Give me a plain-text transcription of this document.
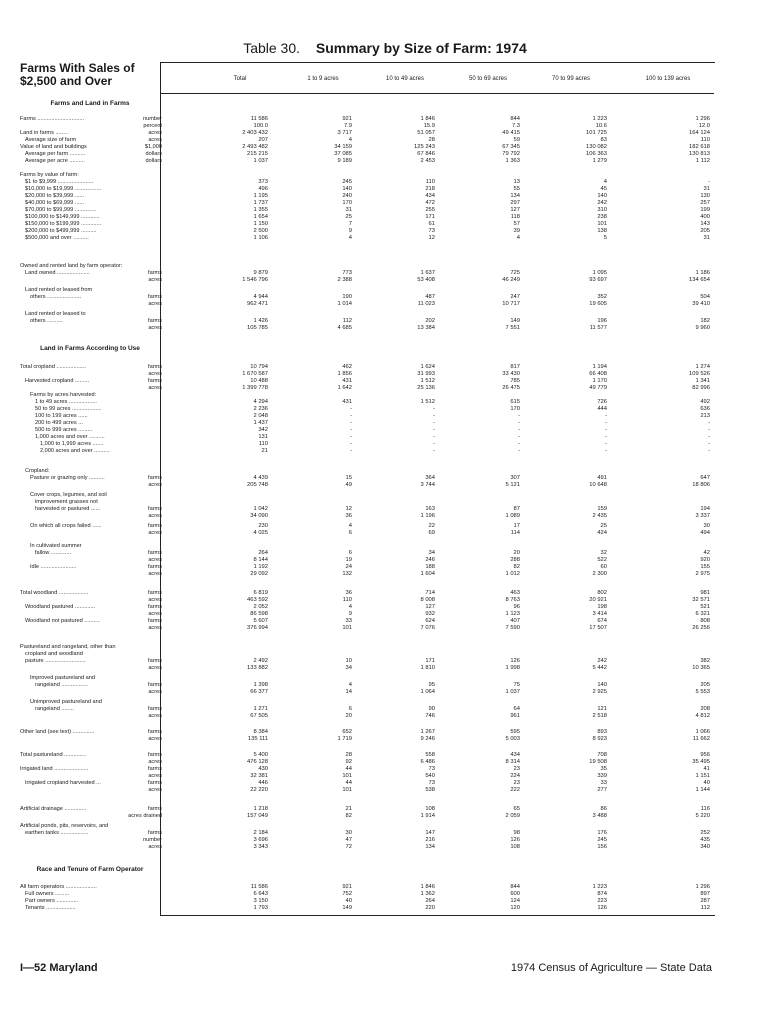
Table 30. Summary by Size of Farm: 1974
Farms With Sales of
$2,500 and Over	Total	1 to 9 acres	10 to 49 acres	50 to 69 acres	70 to 99 acres	100 to 139 acres
Farms and Land in Farms
Land in Farms According to Use
Race and Tenure of Farm Operator
Farms ..............................	number	11 586	921	1 846	844	1 223	1 296
percent	100.0	7.9	15.9	7.3	10.6	12.0
Land in farms ........	acres	2 403 432	3 717	51 057	49 415	101 725	164 124
Average size of farm	acres	207	4	28	59	83	110
Value of land and buildings	$1,000	2 493 482	34 159	125 243	67 345	130 082	182 618
Average per farm ..........	dollars	215 215	37 085	67 846	79 792	106 363	130 813
Average per acre ..........	dollars	1 037	9 189	2 453	1 363	1 279	1 112
Farms by value of farm:
$1 to $9,999 .......................	373	245	110	13	4	-
$10,000 to $19,999 .................	496	140	218	55	45	31
$20,000 to $39,999 ......	1 195	240	434	134	140	130
$40,000 to $69,999 ......	1 737	170	472	297	242	257
$70,000 to $99,999 ..............	1 355	31	255	127	310	199
$100,000 to $149,999 ............	1 654	25	171	118	238	400
$150,000 to $199,999 .............	1 150	7	61	57	101	143
$200,000 to $499,999 ..........	2 500	9	73	39	138	205
$500,000 and over ..........	1 106	4	12	4	5	31
Owned and rented land by farm operator:
Land owned .....................	farms	9 879	773	1 637	725	1 095	1 186
acres	1 546 796	2 388	53 408	46 249	93 697	134 654
Land rented or leased from
others ......................	farms	4 944	190	487	247	352	504
acres	962 471	1 014	11 023	10 717	19 605	39 410
Land rented or leased to
others ..........	farms	1 426	112	202	149	196	182
acres	105 785	4 685	13 384	7 551	11 577	9 960
Total cropland ...................	farms	10 794	462	1 624	817	1 194	1 274
acres	1 670 587	1 856	31 993	33 430	66 408	109 526
Harvested cropland .........	farms	10 488	431	1 512	785	1 170	1 341
acres	1 399 778	1 642	25 136	26 475	49 779	82 996
Farms by acres harvested:
1 to 49 acres ..................	4 294	431	1 512	615	726	492
50 to 99 acres ...................	2 236	-	-	170	444	636
100 to 199 acres ......	2 048	-	-	-	-	213
200 to 499 acres ...	1 437	-	-	-	-	-
500 to 999 acres .........	342	-	-	-	-	-
1,000 acres and over ..........	131	-	-	-	-	-
1,000 to 1,999 acres .......	110	-	-	-	-	-
2,000 acres and over ..........	21	-	-	-	-	-
Cropland:
Pasture or grazing only ..........	farms	4 439	15	364	307	491	647
acres	205 748	49	3 744	5 121	10 648	18 806
Cover crops, legumes, and soil
improvement grasses not
harvested or pastured ......	farms	1 042	12	163	87	159	194
acres	34 090	36	1 196	1 089	2 435	3 337
On which all crops failed ......	farms	230	4	22	17	25	30
acres	4 025	6	69	114	424	494
In cultivated summer
fallow .............	farms	264	6	34	20	32	42
acres	8 144	19	246	288	522	920
Idle .......................	farms	1 192	24	188	82	60	155
acres	29 092	132	1 604	1 012	2 300	2 975
Total woodland ...................	farms	6 819	36	714	463	802	981
acres	463 592	110	8 008	8 763	20 921	32 571
Woodland pastured .............	farms	2 052	4	127	96	198	521
acres	86 598	9	932	1 123	3 414	6 321
Woodland not pastured ..........	farms	5 607	33	624	407	674	808
acres	376 994	101	7 076	7 590	17 507	26 256
Pastureland and rangeland, other than
cropland and woodland
pasture ..........................	farms	2 492	10	171	126	242	382
acres	133 882	34	1 810	1 998	5 442	10 365
Improved pastureland and
rangeland .................	farms	1 398	4	95	75	140	205
acres	66 377	14	1 064	1 037	2 925	5 553
Unimproved pastureland and
rangeland ........	farms	1 271	6	90	64	121	208
acres	67 505	20	746	961	2 518	4 812
Other land (see text) ..............	farms	8 384	652	1 267	595	893	1 066
acres	135 111	1 719	9 246	5 003	8 923	11 662
Total pastureland ..............	farms	5 400	28	558	434	708	956
acres	476 128	92	6 486	8 314	19 508	35 495
Irrigated land ......................	farms	430	44	73	23	35	41
acres	32 381	101	540	224	339	1 151
Irrigated cropland harvested ...	farms	446	44	73	23	33	40
acres	22 220	101	538	222	277	1 144
Artificial drainage ..............	farms	1 218	21	108	65	86	116
acres drained	157 049	82	1 914	2 059	3 488	5 220
Artificial ponds, pits, reservoirs, and
earthen tanks ..................	farms	2 184	30	147	98	176	252
number	3 696	47	216	126	245	435
acres	3 343	72	134	108	156	340
All farm operators ....................	11 586	921	1 846	844	1 223	1 296
Full owners .........	6 643	752	1 362	600	874	897
Part owners ..............	3 150	40	264	124	223	287
Tenants ...................	1 793	149	220	120	126	112
I—52 Maryland	1974 Census of Agriculture — State Data
